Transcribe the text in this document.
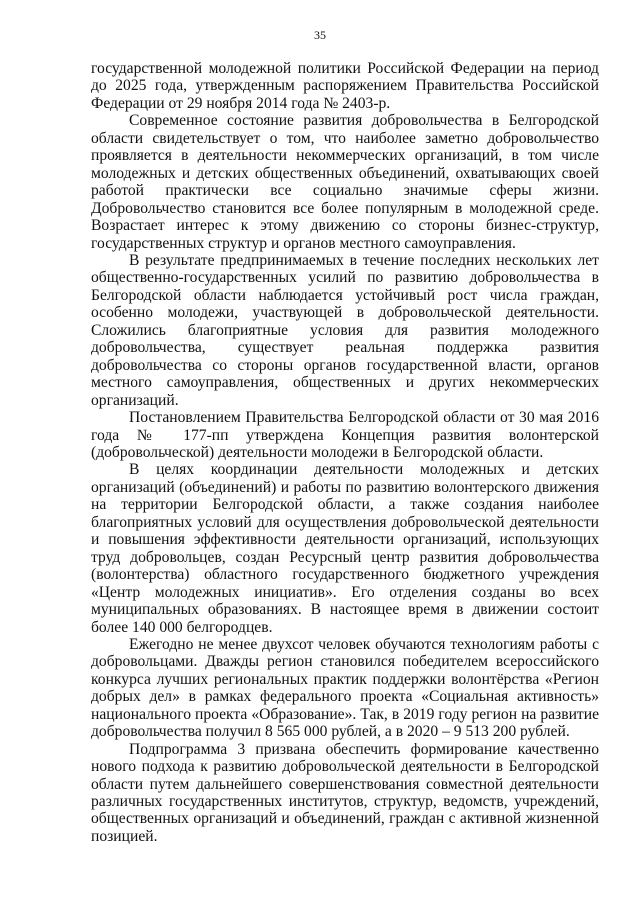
35

государственной молодежной политики Российской Федерации на период до 2025 года, утвержденным распоряжением Правительства Российской Федерации от 29 ноября 2014 года № 2403-р.

Современное состояние развития добровольчества в Белгородской области свидетельствует о том, что наиболее заметно добровольчество проявляется в деятельности некоммерческих организаций, в том числе молодежных и детских общественных объединений, охватывающих своей работой практически все социально значимые сферы жизни. Добровольчество становится все более популярным в молодежной среде. Возрастает интерес к этому движению со стороны бизнес-структур, государственных структур и органов местного самоуправления.

В результате предпринимаемых в течение последних нескольких лет общественно-государственных усилий по развитию добровольчества в Белгородской области наблюдается устойчивый рост числа граждан, особенно молодежи, участвующей в добровольческой деятельности. Сложились благоприятные условия для развития молодежного добровольчества, существует реальная поддержка развития добровольчества со стороны органов государственной власти, органов местного самоуправления, общественных и других некоммерческих организаций.

Постановлением Правительства Белгородской области от 30 мая 2016 года № 177-пп утверждена Концепция развития волонтерской (добровольческой) деятельности молодежи в Белгородской области.

В целях координации деятельности молодежных и детских организаций (объединений) и работы по развитию волонтерского движения на территории Белгородской области, а также создания наиболее благоприятных условий для осуществления добровольческой деятельности и повышения эффективности деятельности организаций, использующих труд добровольцев, создан Ресурсный центр развития добровольчества (волонтерства) областного государственного бюджетного учреждения «Центр молодежных инициатив». Его отделения созданы во всех муниципальных образованиях. В настоящее время в движении состоит более 140 000 белгородцев.

Ежегодно не менее двухсот человек обучаются технологиям работы с добровольцами. Дважды регион становился победителем всероссийского конкурса лучших региональных практик поддержки волонтёрства «Регион добрых дел» в рамках федерального проекта «Социальная активность» национального проекта «Образование». Так, в 2019 году регион на развитие добровольчества получил 8 565 000 рублей, а в 2020 – 9 513 200 рублей.

Подпрограмма 3 призвана обеспечить формирование качественно нового подхода к развитию добровольческой деятельности в Белгородской области путем дальнейшего совершенствования совместной деятельности различных государственных институтов, структур, ведомств, учреждений, общественных организаций и объединений, граждан с активной жизненной позицией.
